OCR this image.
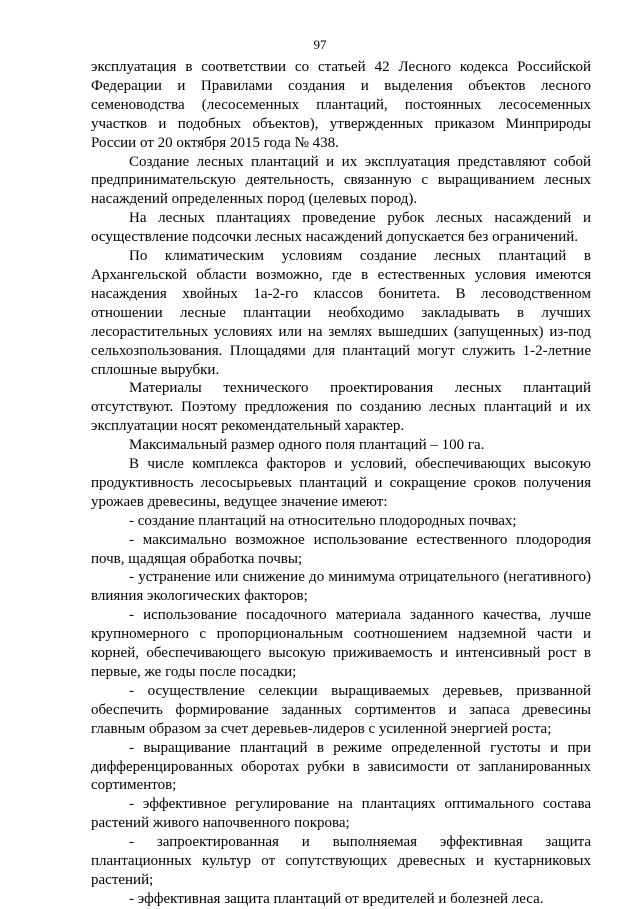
97

эксплуатация в соответствии со статьей 42 Лесного кодекса Российской Федерации и Правилами создания и выделения объектов лесного семеноводства (лесосеменных плантаций, постоянных лесосеменных участков и подобных объектов), утвержденных приказом Минприроды России от 20 октября 2015 года № 438.

Создание лесных плантаций и их эксплуатация представляют собой предпринимательскую деятельность, связанную с выращиванием лесных насаждений определенных пород (целевых пород).

На лесных плантациях проведение рубок лесных насаждений и осуществление подсочки лесных насаждений допускается без ограничений.

По климатическим условиям создание лесных плантаций в Архангельской области возможно, где в естественных условия имеются насаждения хвойных 1а-2-го классов бонитета. В лесоводственном отношении лесные плантации необходимо закладывать в лучших лесорастительных условиях или на землях вышедших (запущенных) из-под сельхозпользования. Площадями для плантаций могут служить 1-2-летние сплошные вырубки.

Материалы технического проектирования лесных плантаций отсутствуют. Поэтому предложения по созданию лесных плантаций и их эксплуатации носят рекомендательный характер.

Максимальный размер одного поля плантаций – 100 га.

В числе комплекса факторов и условий, обеспечивающих высокую продуктивность лесосырьевых плантаций и сокращение сроков получения урожаев древесины, ведущее значение имеют:

- создание плантаций на относительно плодородных почвах;

- максимально возможное использование естественного плодородия почв, щадящая обработка почвы;

- устранение или снижение до минимума отрицательного (негативного) влияния экологических факторов;

- использование посадочного материала заданного качества, лучше крупномерного с пропорциональным соотношением надземной части и корней, обеспечивающего высокую приживаемость и интенсивный рост в первые, же годы после посадки;

- осуществление селекции выращиваемых деревьев, призванной обеспечить формирование заданных сортиментов и запаса древесины главным образом за счет деревьев-лидеров с усиленной энергией роста;

- выращивание плантаций в режиме определенной густоты и при дифференцированных оборотах рубки в зависимости от запланированных сортиментов;

- эффективное регулирование на плантациях оптимального состава растений живого напочвенного покрова;

- запроектированная и выполняемая эффективная защита плантационных культур от сопутствующих древесных и кустарниковых растений;

- эффективная защита плантаций от вредителей и болезней леса.
